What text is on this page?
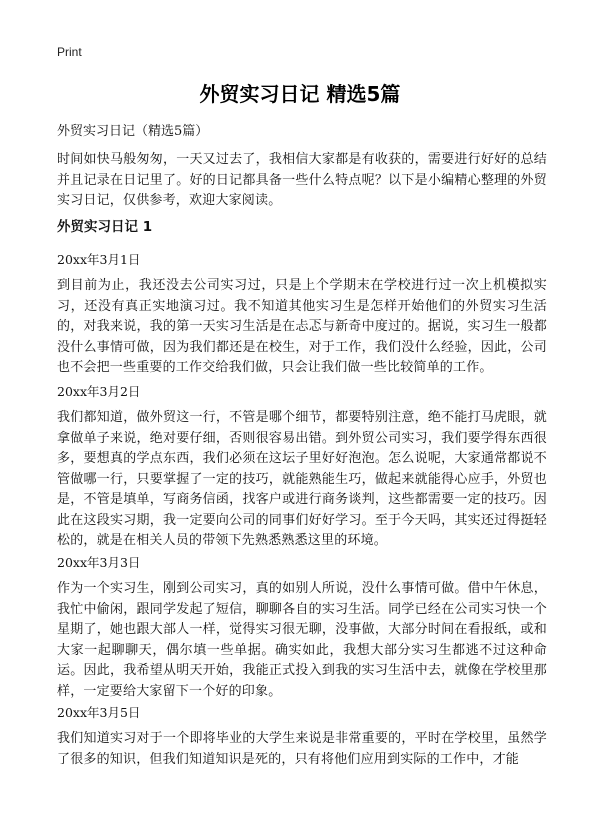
Print
外贸实习日记 精选5篇
外贸实习日记（精选5篇）
时间如快马般匆匆，一天又过去了，我相信大家都是有收获的，需要进行好好的总结并且记录在日记里了。好的日记都具备一些什么特点呢？以下是小编精心整理的外贸实习日记，仅供参考，欢迎大家阅读。
外贸实习日记 1
20xx年3月1日
到目前为止，我还没去公司实习过，只是上个学期末在学校进行过一次上机模拟实习，还没有真正实地演习过。我不知道其他实习生是怎样开始他们的外贸实习生活的，对我来说，我的第一天实习生活是在忐忑与新奇中度过的。据说，实习生一般都没什么事情可做，因为我们都还是在校生，对于工作，我们没什么经验，因此，公司也不会把一些重要的工作交给我们做，只会让我们做一些比较简单的工作。
20xx年3月2日
我们都知道，做外贸这一行，不管是哪个细节，都要特别注意，绝不能打马虎眼，就拿做单子来说，绝对要仔细，否则很容易出错。到外贸公司实习，我们要学得东西很多，要想真的学点东西，我们必须在这坛子里好好泡泡。怎么说呢，大家通常都说不管做哪一行，只要掌握了一定的技巧，就能熟能生巧，做起来就能得心应手，外贸也是，不管是填单，写商务信函，找客户或进行商务谈判，这些都需要一定的技巧。因此在这段实习期，我一定要向公司的同事们好好学习。至于今天吗，其实还过得挺轻松的，就是在相关人员的带领下先熟悉熟悉这里的环境。
20xx年3月3日
作为一个实习生，刚到公司实习，真的如别人所说，没什么事情可做。借中午休息，我忙中偷闲，跟同学发起了短信，聊聊各自的实习生活。同学已经在公司实习快一个星期了，她也跟大部人一样，觉得实习很无聊，没事做，大部分时间在看报纸，或和大家一起聊聊天，偶尔填一些单据。确实如此，我想大部分实习生都逃不过这种命运。因此，我希望从明天开始，我能正式投入到我的实习生活中去，就像在学校里那样，一定要给大家留下一个好的印象。
20xx年3月5日
我们知道实习对于一个即将毕业的大学生来说是非常重要的，平时在学校里，虽然学了很多的知识，但我们知道知识是死的，只有将他们应用到实际的工作中，才能
